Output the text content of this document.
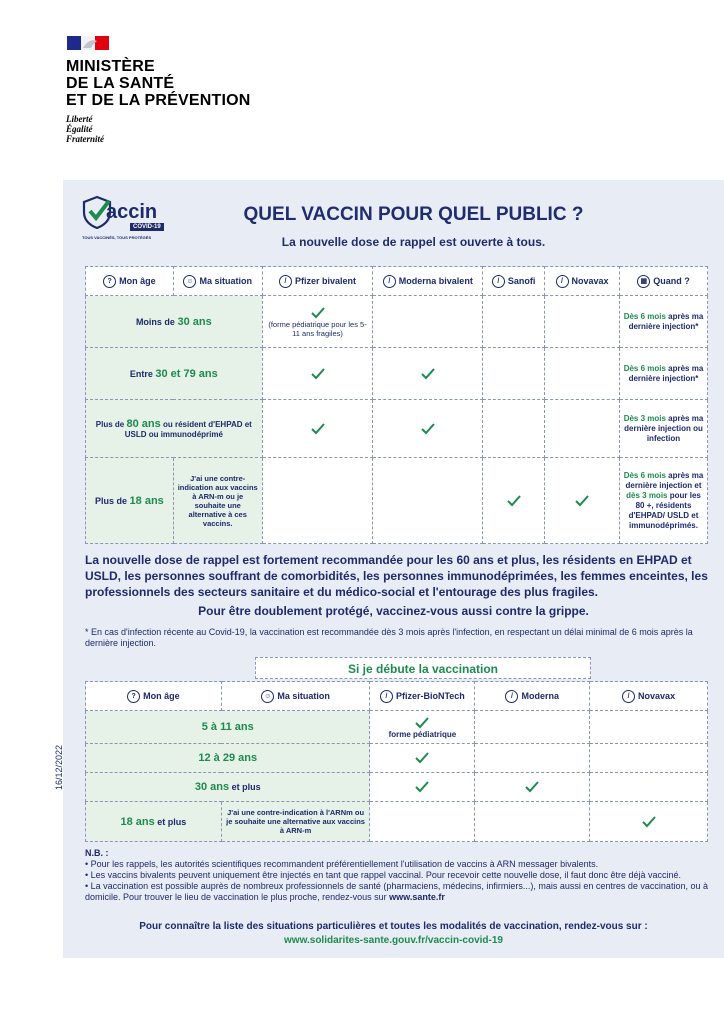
MINISTÈRE
DE LA SANTÉ
ET DE LA PRÉVENTION
Liberté
Égalité
Fraternité
accin
COVID-19
TOUS VACCINÉS, TOUS PROTÉGÉS
QUEL VACCIN POUR QUEL PUBLIC ?
La nouvelle dose de rappel est ouverte à tous.
? Mon âge	☺ Ma situation	/ Pfizer bivalent	/ Moderna bivalent	/ Sanofi	/ Novavax	▦ Quand ?
Moins de 30 ans		(forme pédiatrique pour les 5-11 ans fragiles)				Dès 6 mois après ma dernière injection*
Entre 30 et 79 ans						Dès 6 mois après ma dernière injection*
Plus de 80 ans ou résident d'EHPAD et USLD ou immunodéprimé						Dès 3 mois après ma dernière injection ou infection
Plus de 18 ans	J'ai une contre-indication aux vaccins à ARN-m ou je souhaite une alternative à ces vaccins.					Dès 6 mois après ma dernière injection et dès 3 mois pour les 80 +, résidents d'EHPAD/ USLD et immunodéprimés.
La nouvelle dose de rappel est fortement recommandée pour les 60 ans et plus, les résidents en EHPAD et USLD, les personnes souffrant de comorbidités, les personnes immunodéprimées, les femmes enceintes, les professionnels des secteurs sanitaire et du médico-social et l'entourage des plus fragiles.
Pour être doublement protégé, vaccinez-vous aussi contre la grippe.
* En cas d'infection récente au Covid-19, la vaccination est recommandée dès 3 mois après l'infection, en respectant un délai minimal de 6 mois après la dernière injection.
Si je débute la vaccination
? Mon âge	☺ Ma situation	/ Pfizer-BioNTech	/ Moderna	/ Novavax
5 à 11 ans		forme pédiatrique		

12 à 29 ans	

30 ans et plus	

18 ans et plus	J'ai une contre-indication à l'ARNm ou je souhaite une alternative aux vaccins à ARN-m			
16/12/2022
N.B. :
• Pour les rappels, les autorités scientifiques recommandent préférentiellement l'utilisation de vaccins à ARN messager bivalents.
• Les vaccins bivalents peuvent uniquement être injectés en tant que rappel vaccinal. Pour recevoir cette nouvelle dose, il faut donc être déjà vacciné.
• La vaccination est possible auprès de nombreux professionnels de santé (pharmaciens, médecins, infirmiers...), mais aussi en centres de vaccination, ou à domicile. Pour trouver le lieu de vaccination le plus proche, rendez-vous sur www.sante.fr
Pour connaître la liste des situations particulières et toutes les modalités de vaccination, rendez-vous sur :
www.solidarites-sante.gouv.fr/vaccin-covid-19
